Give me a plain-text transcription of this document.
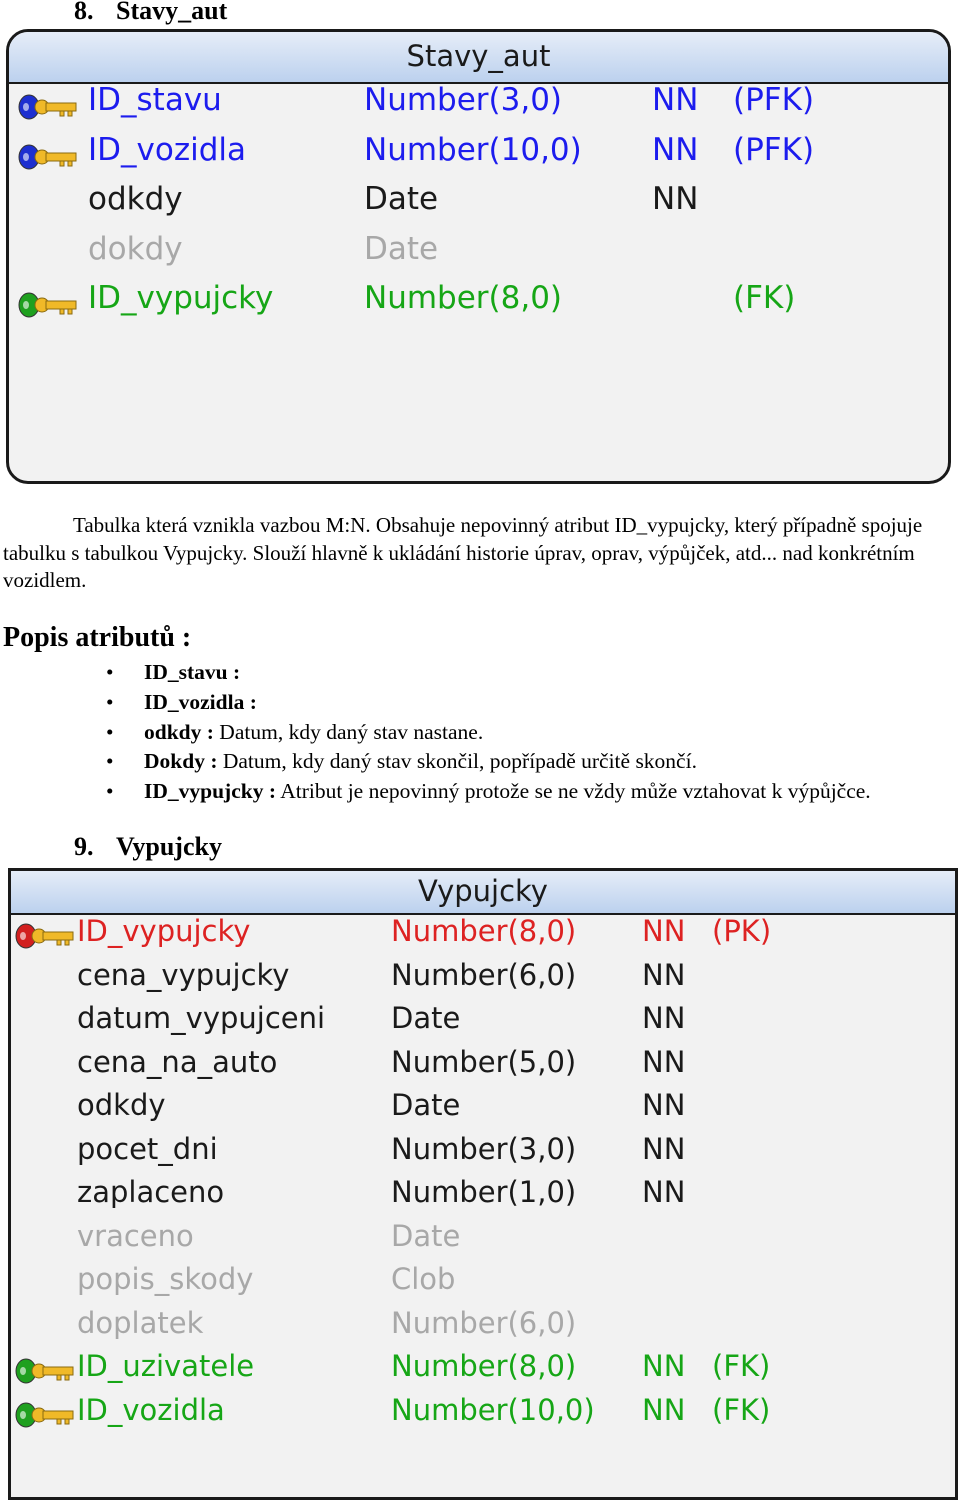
8. Stavy_aut
Stavy_aut
ID_stavu	Number(3,0)	NN (PFK)
ID_vozidla	Number(10,0) NN (PFK)
odkdy	Date	NN
dokdy	Date
ID_vypujcky	Number(8,0)	(FK)

Tabulka která vznikla vazbou M:N. Obsahuje nepovinný atribut ID_vypujcky, který případně spojuje tabulku s tabulkou Vypujcky. Slouží hlavně k ukládání historie úprav, oprav, výpůjček, atd... nad konkrétním vozidlem.

Popis atributů :
• ID_stavu :
• ID_vozidla :
• odkdy : Datum, kdy daný stav nastane.
• Dokdy : Datum, kdy daný stav skončil, popřípadě určitě skončí.
• ID_vypujcky : Atribut je nepovinný protože se ne vždy může vztahovat k výpůjčce.
9. Vypujcky
Vypujcky
ID_vypujcky	Number(8,0) NN (PK)
cena_vypujcky	Number(6,0) NN
datum_vypujceni Date	NN
cena_na_auto	Number(5,0) NN
odkdy	Date	NN
pocet_dni	Number(3,0) NN
zaplaceno	Number(1,0) NN
vraceno	Date
popis_skody	Clob
doplatek	Number(6,0)
ID_uzivatele	Number(8,0) NN (FK)
ID_vozidla	Number(10,0) NN (FK)
